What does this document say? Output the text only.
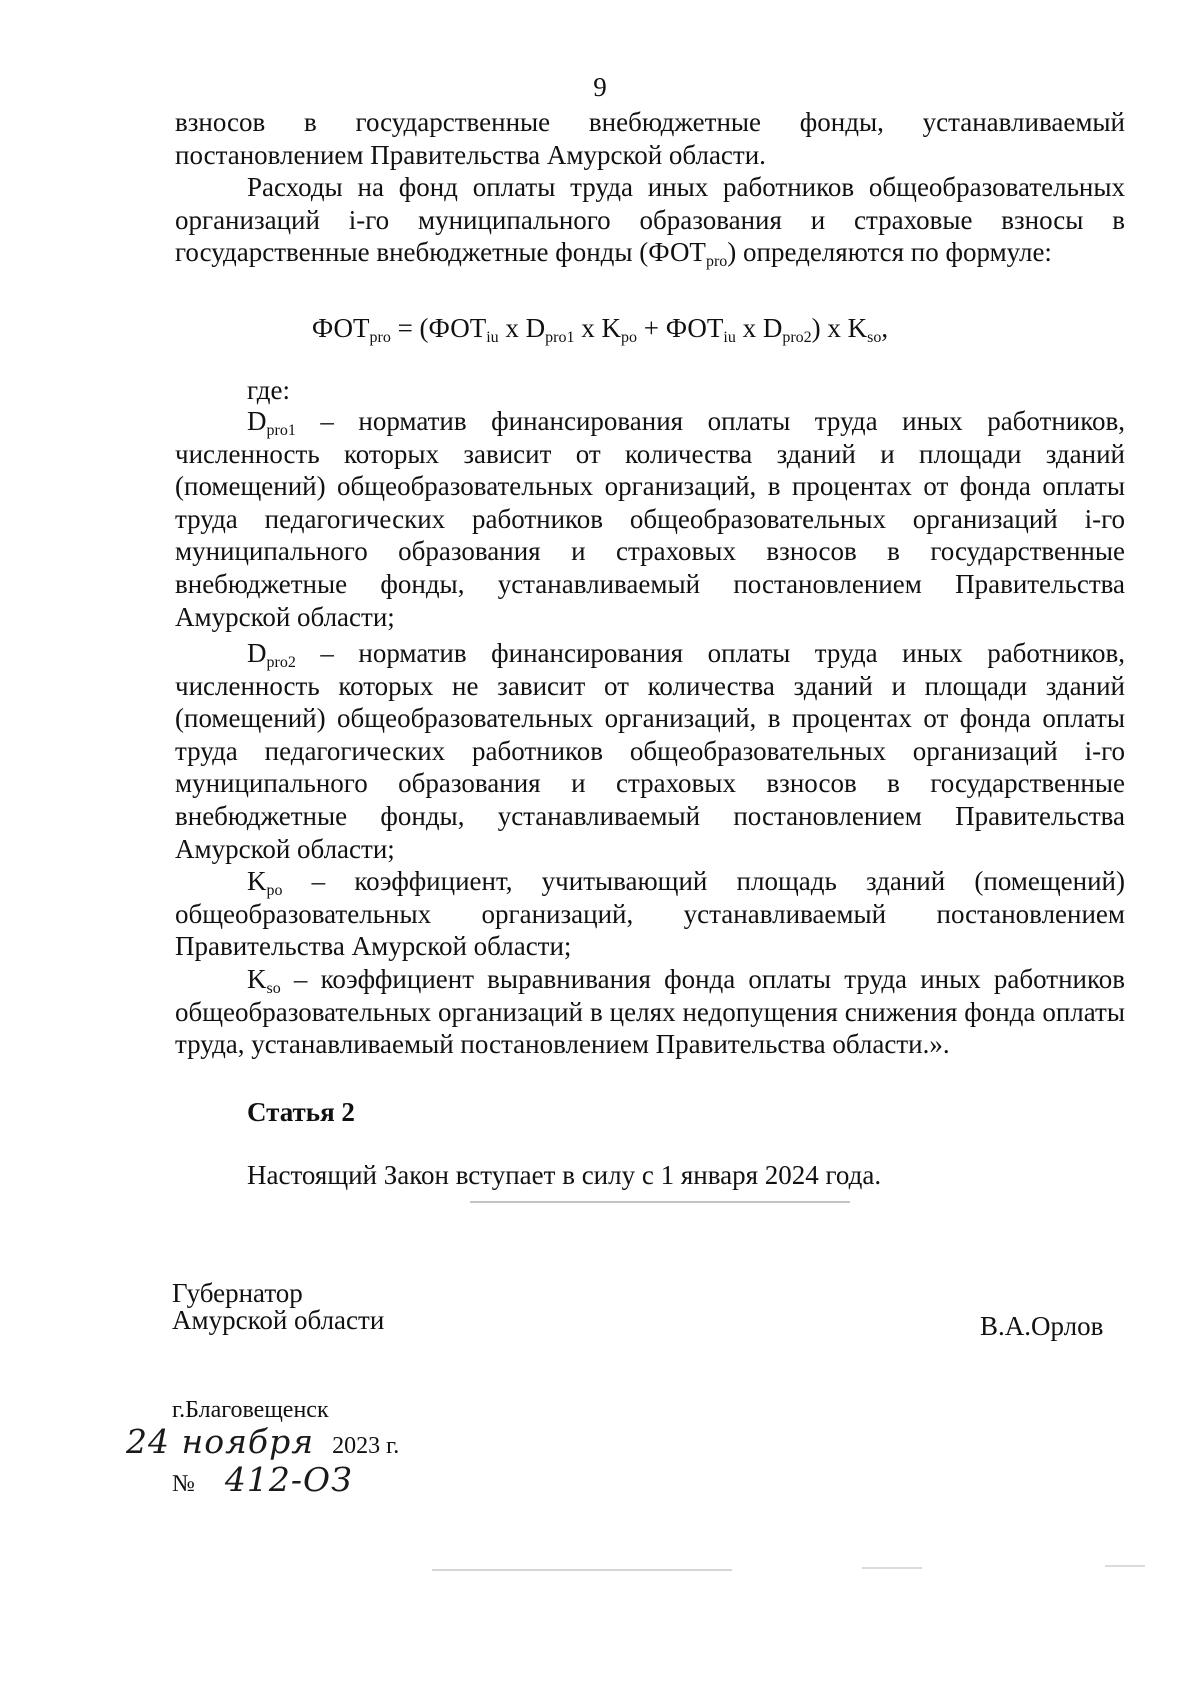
9
взносов в государственные внебюджетные фонды, устанавливаемый постановлением Правительства Амурской области.
Расходы на фонд оплаты труда иных работников общеобразовательных организаций i-го муниципального образования и страховые взносы в государственные внебюджетные фонды $(ФОТ_{pro})$ определяются по формуле:
$ФОТ_{pro} = (ФОТ_{iu}$ x $D_{pro1}$ x $K_{po} + ФОТ_{iu}$ x $D_{pro2}$) x $K_{so}$,
где:
$D_{pro1}$ – норматив финансирования оплаты труда иных работников, численность которых зависит от количества зданий и площади зданий (помещений) общеобразовательных организаций, в процентах от фонда оплаты труда педагогических работников общеобразовательных организаций i-го муниципального образования и страховых взносов в государственные внебюджетные фонды, устанавливаемый постановлением Правительства Амурской области;
$D_{pro2}$ – норматив финансирования оплаты труда иных работников, численность которых не зависит от количества зданий и площади зданий (помещений) общеобразовательных организаций, в процентах от фонда оплаты труда педагогических работников общеобразовательных организаций i-го муниципального образования и страховых взносов в государственные внебюджетные фонды, устанавливаемый постановлением Правительства Амурской области;
$K_{po}$ – коэффициент, учитывающий площадь зданий (помещений) общеобразовательных организаций, устанавливаемый постановлением Правительства Амурской области;
$K_{so}$ – коэффициент выравнивания фонда оплаты труда иных работников общеобразовательных организаций в целях недопущения снижения фонда оплаты труда, устанавливаемый постановлением Правительства области.».
Статья 2
Настоящий Закон вступает в силу с 1 января 2024 года.
Губернатор
Амурской области	В.А.Орлов
г.Благовещенск
24 ноября 2023 г.
№ 412-ОЗ
